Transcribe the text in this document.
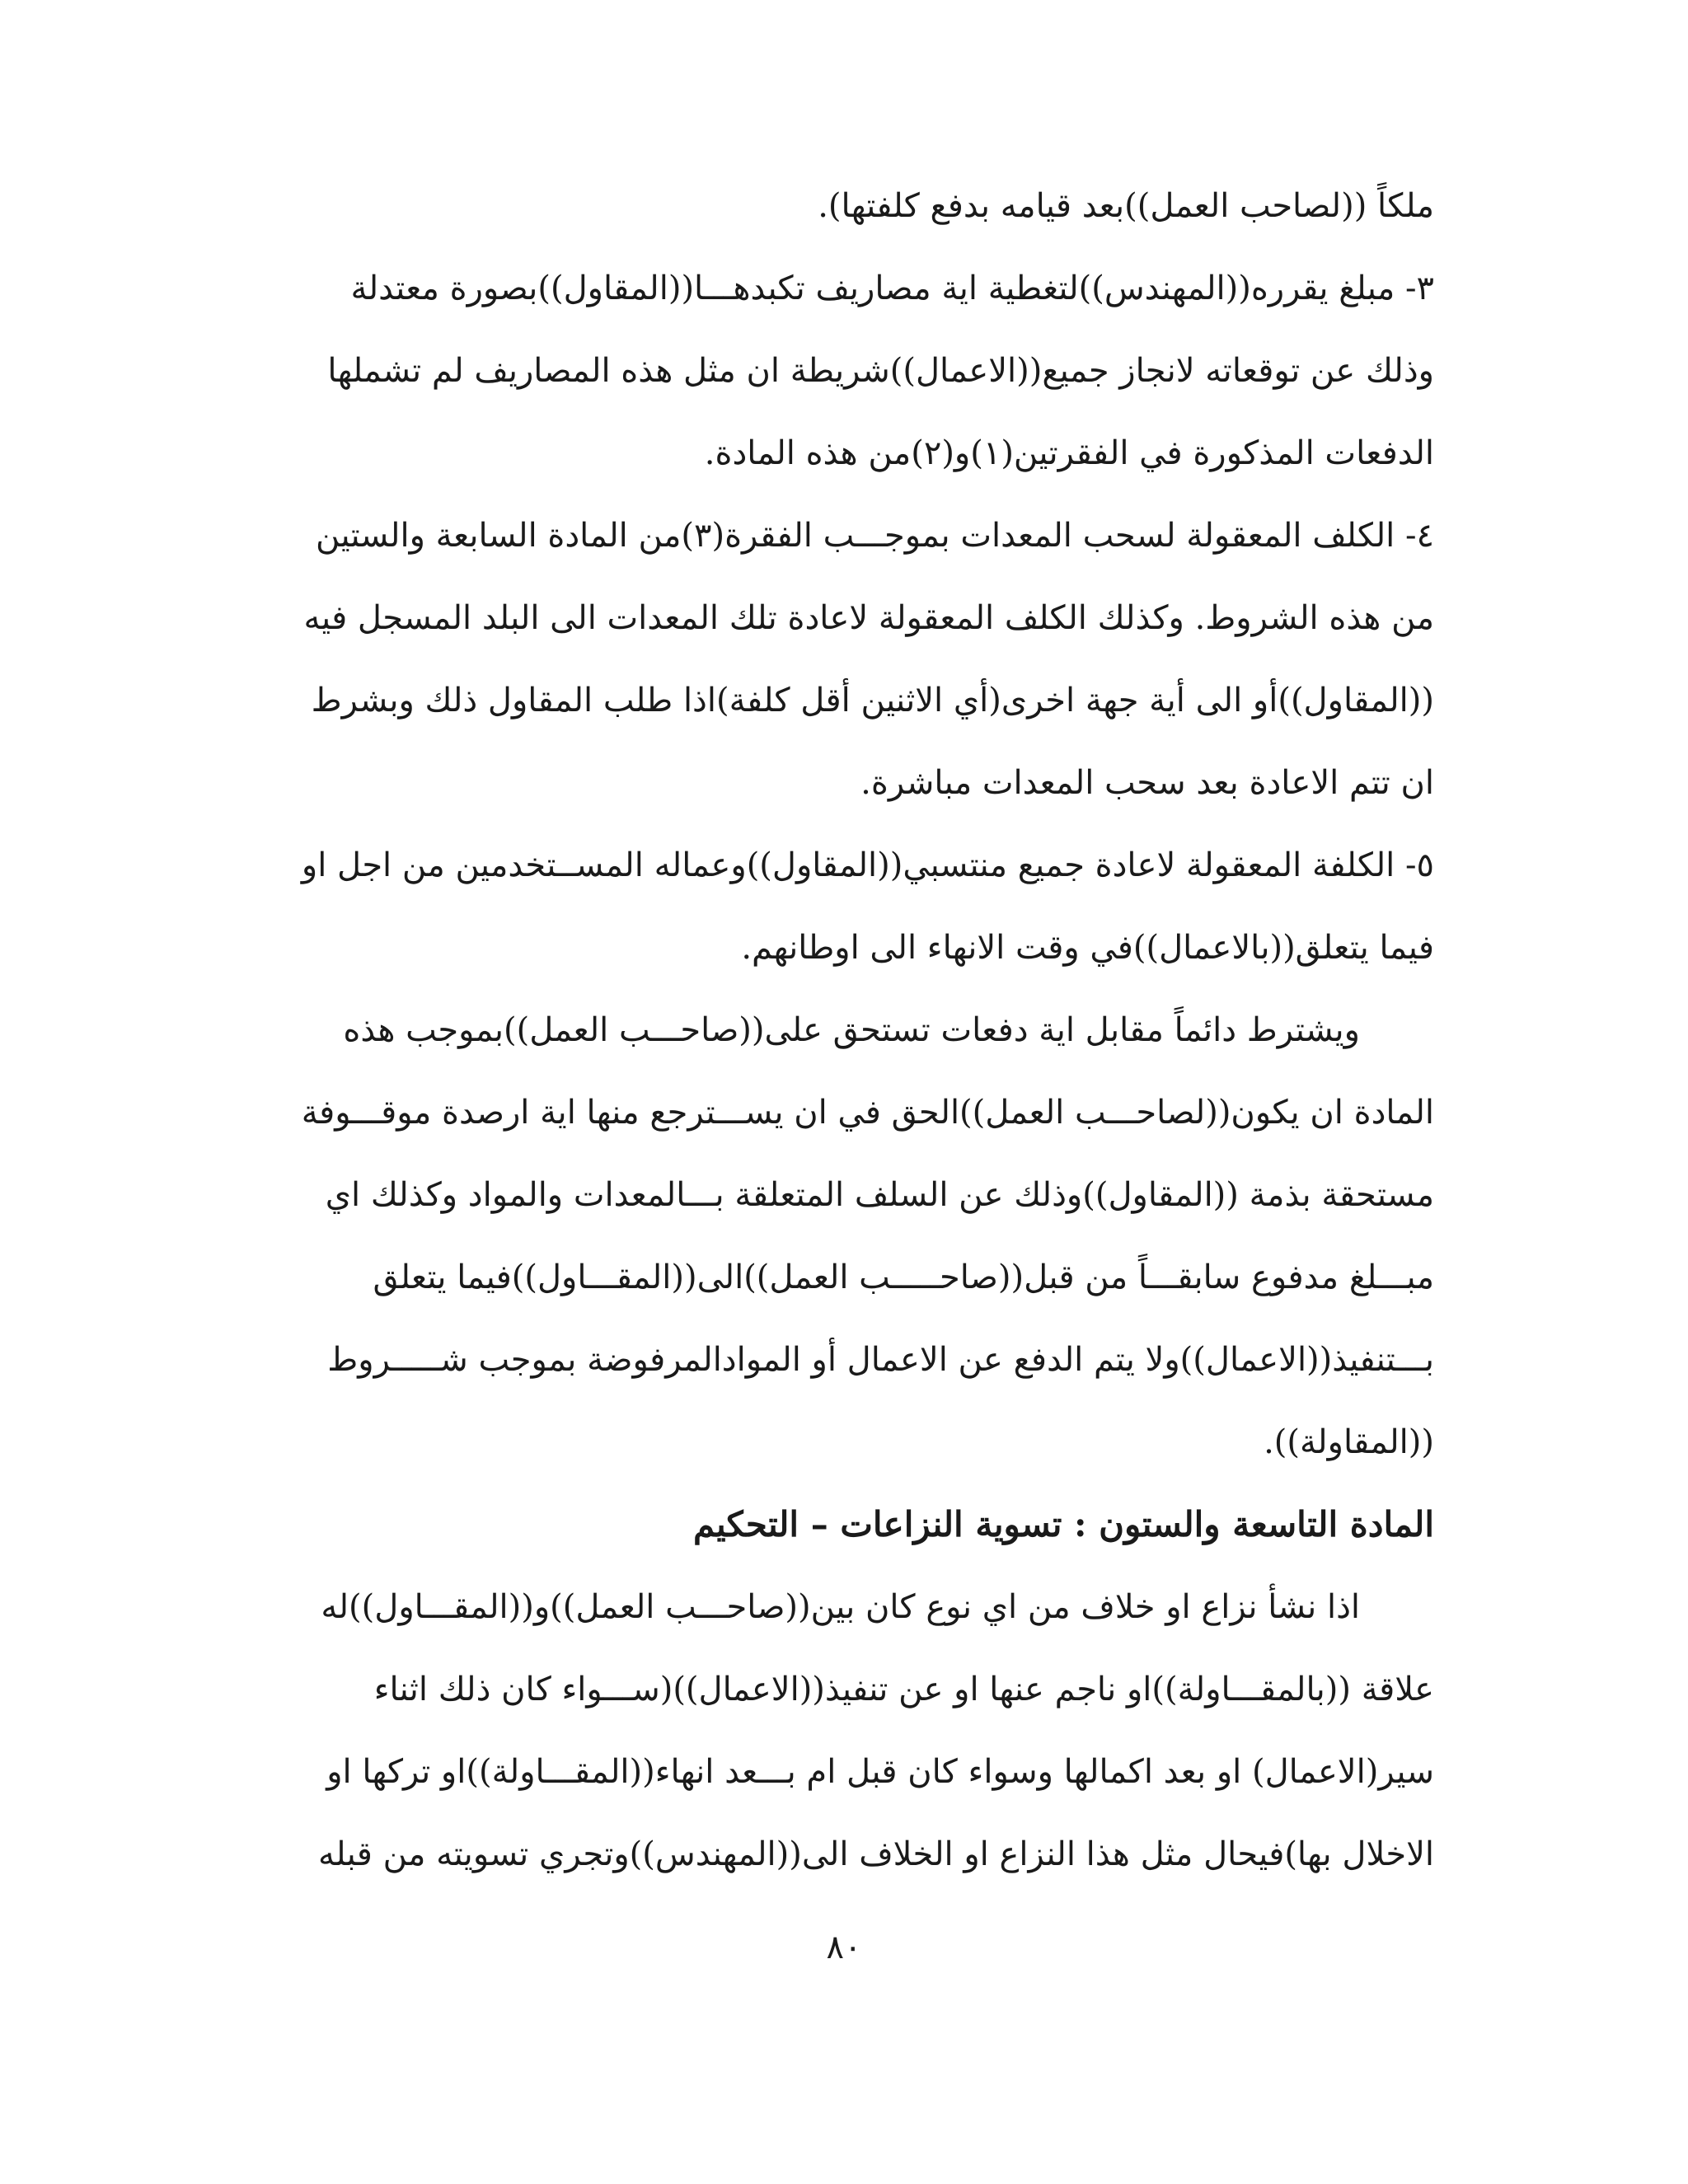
ملكاً ((لصاحب العمل))بعد قيامه بدفع كلفتها).
٣- مبلغ يقرره((المهندس))لتغطية اية مصاريف تكبدهـــا((المقاول))بصورة معتدلة
وذلك عن توقعاته لانجاز جميع((الاعمال))شريطة ان مثل هذه المصاريف لم تشملها
الدفعات المذكورة في الفقرتين(١)و(٢)من هذه المادة.
٤- الكلف المعقولة لسحب المعدات بموجـــب الفقرة(٣)من المادة السابعة والستين
من هذه الشروط. وكذلك الكلف المعقولة لاعادة تلك المعدات الى البلد المسجل فيه
((المقاول))أو الى أية جهة اخرى(أي الاثنين أقل كلفة)اذا طلب المقاول ذلك وبشرط
ان تتم الاعادة بعد سحب المعدات مباشرة.
٥- الكلفة المعقولة لاعادة جميع منتسبي((المقاول))وعماله المســتخدمين من اجل او
فيما يتعلق((بالاعمال))في وقت الانهاء الى اوطانهم.
ويشترط دائماً مقابل اية دفعات تستحق على((صاحـــب العمل))بموجب هذه
المادة ان يكون((لصاحـــب العمل))الحق في ان يســـترجع منها اية ارصدة موقـــوفة
مستحقة بذمة ((المقاول))وذلك عن السلف المتعلقة بـــالمعدات والمواد وكذلك اي
مبـــلغ مدفوع سابقـــاً من قبل((صاحـــــب العمل))الى((المقـــاول))فيما يتعلق
بـــتنفيذ((الاعمال))ولا يتم الدفع عن الاعمال أو الموادالمرفوضة بموجب شـــــروط
((المقاولة)).
المادة التاسعة والستون : تسوية النزاعات – التحكيم
اذا نشأ نزاع او خلاف من اي نوع كان بين((صاحـــب العمل))و((المقـــاول))له
علاقة ((بالمقـــاولة))او ناجم عنها او عن تنفيذ((الاعمال))(ســـواء كان ذلك اثناء
سير(الاعمال) او بعد اكمالها وسواء كان قبل ام بـــعد انهاء((المقـــاولة))او تركها او
الاخلال بها)فيحال مثل هذا النزاع او الخلاف الى((المهندس))وتجري تسويته من قبله
٨٠
